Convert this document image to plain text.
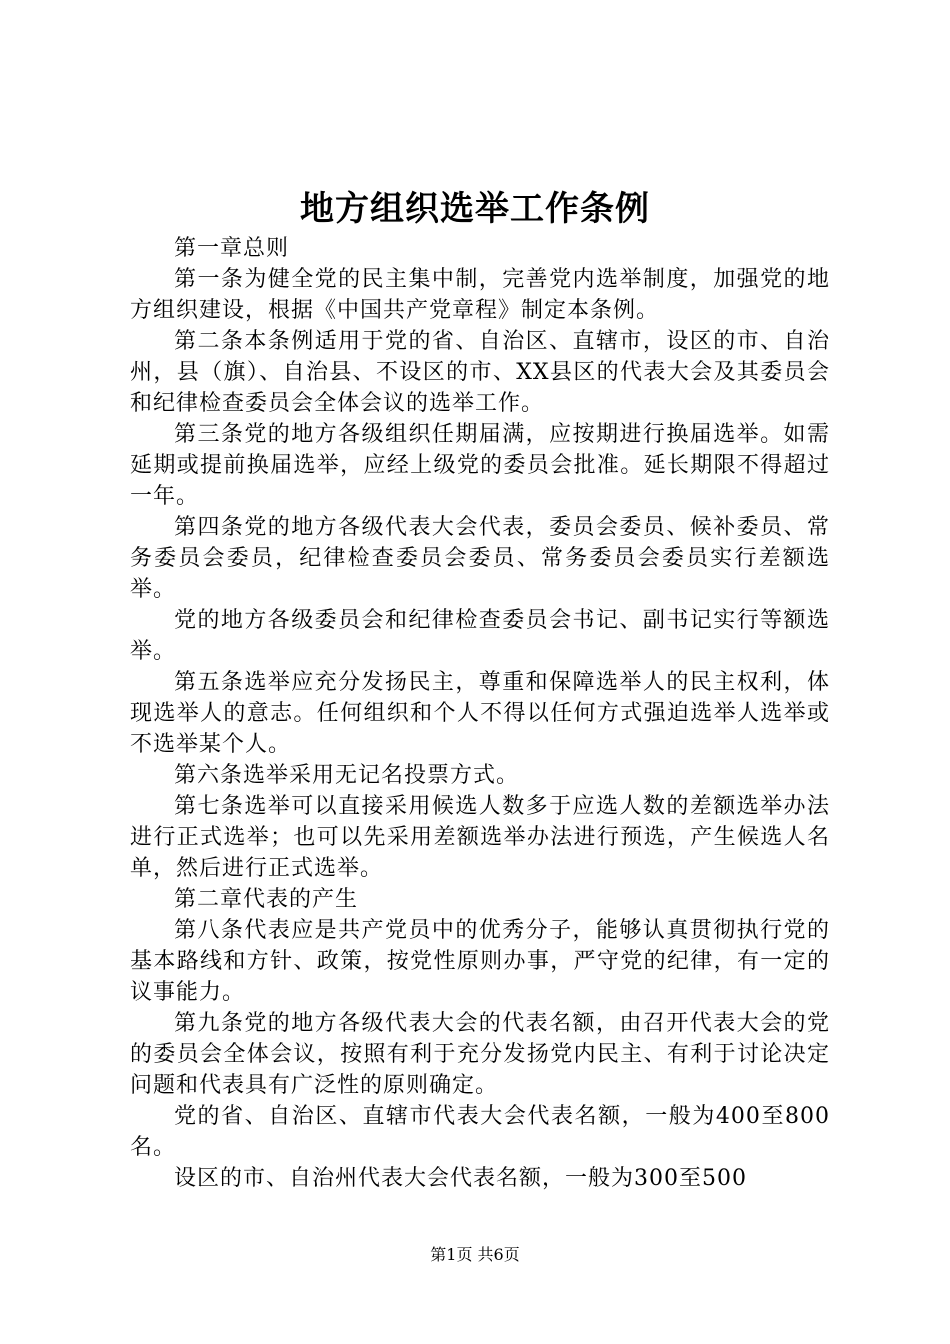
地方组织选举工作条例

第一章总则

第一条为健全党的民主集中制，完善党内选举制度，加强党的地方组织建设，根据《中国共产党章程》制定本条例。

第二条本条例适用于党的省、自治区、直辖市，设区的市、自治州，县（旗）、自治县、不设区的市、XX县区的代表大会及其委员会和纪律检查委员会全体会议的选举工作。

第三条党的地方各级组织任期届满，应按期进行换届选举。如需延期或提前换届选举，应经上级党的委员会批准。延长期限不得超过一年。

第四条党的地方各级代表大会代表，委员会委员、候补委员、常务委员会委员，纪律检查委员会委员、常务委员会委员实行差额选举。

党的地方各级委员会和纪律检查委员会书记、副书记实行等额选举。

第五条选举应充分发扬民主，尊重和保障选举人的民主权利，体现选举人的意志。任何组织和个人不得以任何方式强迫选举人选举或不选举某个人。

第六条选举采用无记名投票方式。

第七条选举可以直接采用候选人数多于应选人数的差额选举办法进行正式选举；也可以先采用差额选举办法进行预选，产生候选人名单，然后进行正式选举。

第二章代表的产生

第八条代表应是共产党员中的优秀分子，能够认真贯彻执行党的基本路线和方针、政策，按党性原则办事，严守党的纪律，有一定的议事能力。

第九条党的地方各级代表大会的代表名额，由召开代表大会的党的委员会全体会议，按照有利于充分发扬党内民主、有利于讨论决定问题和代表具有广泛性的原则确定。

党的省、自治区、直辖市代表大会代表名额，一般为400至800名。

设区的市、自治州代表大会代表名额，一般为300至500

第1页 共6页
